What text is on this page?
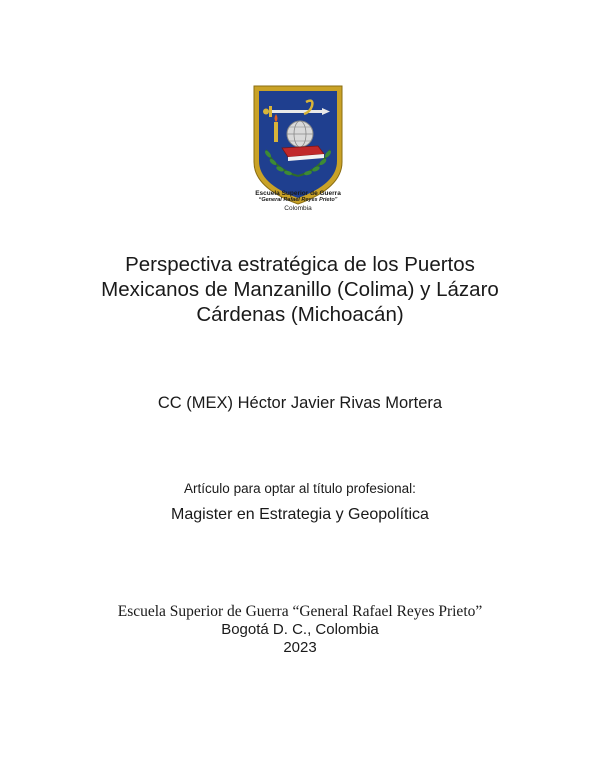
Escuela Superior de Guerra
“General Rafael Reyes Prieto”
Colombia
Perspectiva estratégica de los Puertos
Mexicanos de Manzanillo (Colima) y Lázaro
Cárdenas (Michoacán)
CC (MEX) Héctor Javier Rivas Mortera
Artículo para optar al título profesional:
Magister en Estrategia y Geopolítica
Escuela Superior de Guerra “General Rafael Reyes Prieto”
Bogotá D. C., Colombia
2023
